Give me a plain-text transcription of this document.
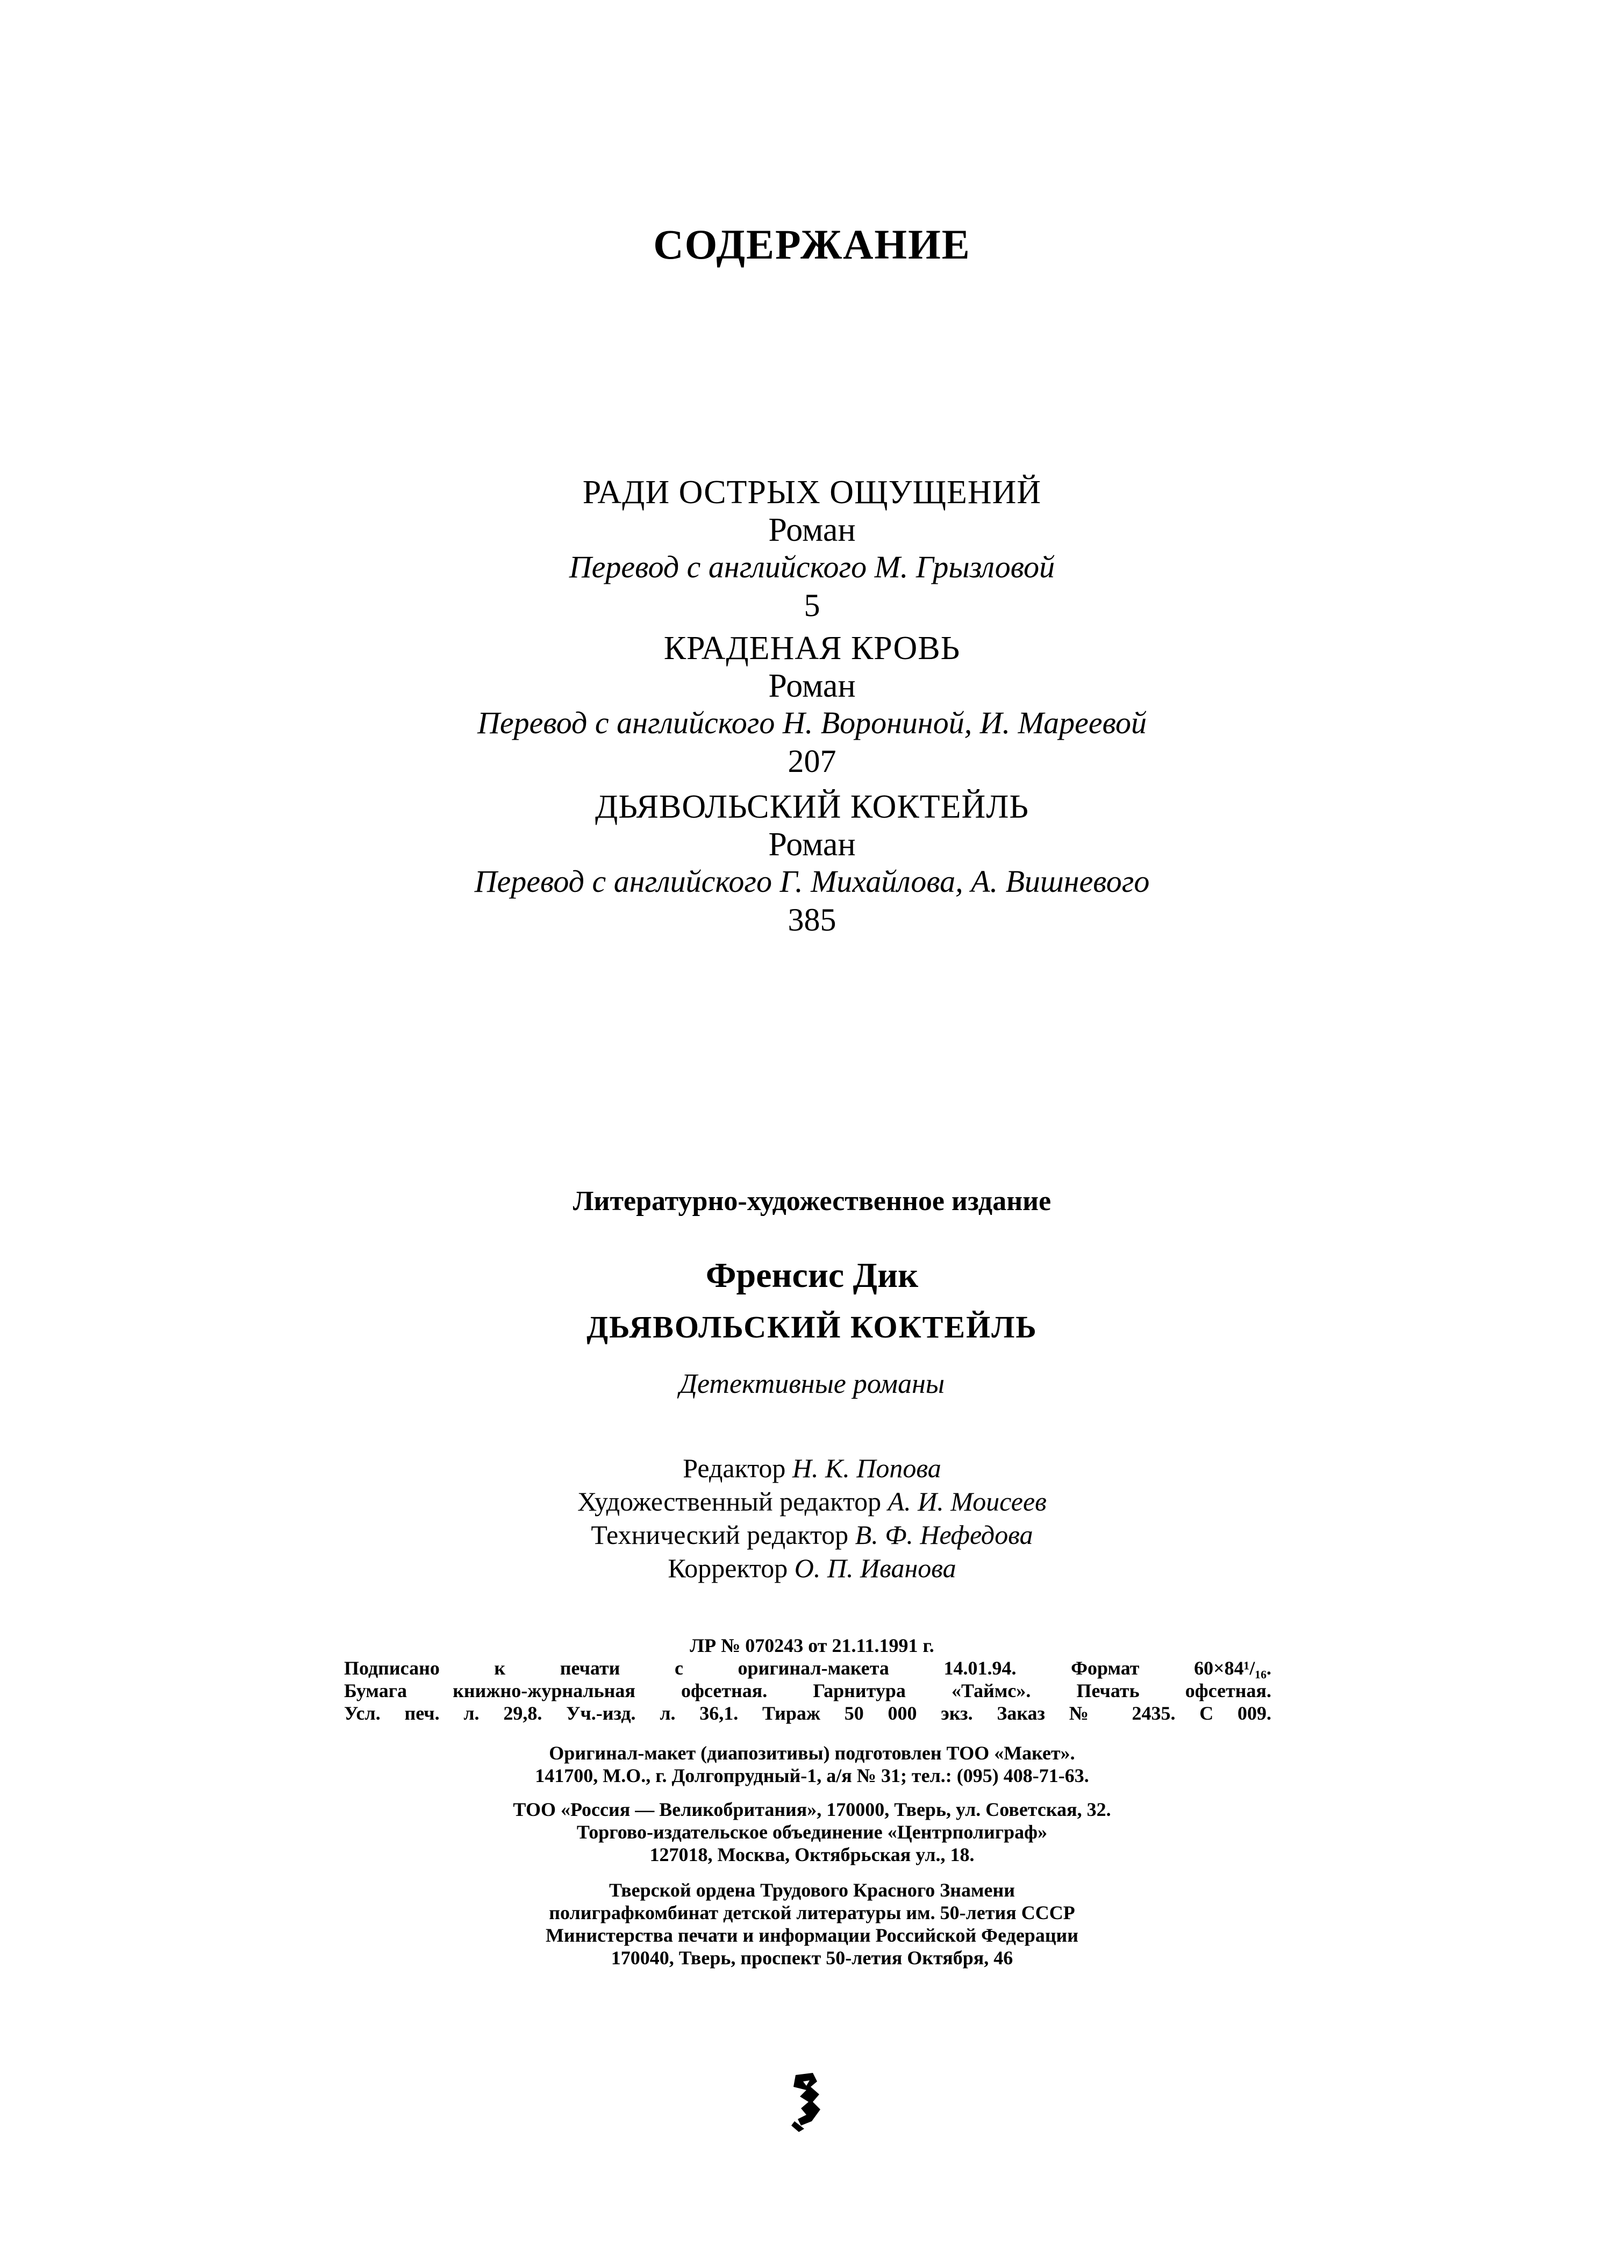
СОДЕРЖАНИЕ
РАДИ ОСТРЫХ ОЩУЩЕНИЙ
Роман
Перевод с английского М. Грызловой
5
КРАДЕНАЯ КРОВЬ
Роман
Перевод с английского Н. Ворониной, И. Мареевой
207
ДЬЯВОЛЬСКИЙ КОКТЕЙЛЬ
Роман
Перевод с английского Г. Михайлова, А. Вишневого
385
Литературно-художественное издание
Френсис Дик
ДЬЯВОЛЬСКИЙ КОКТЕЙЛЬ
Детективные романы
Редактор Н. К. Попова
Художественный редактор А. И. Моисеев
Технический редактор В. Ф. Нефедова
Корректор О. П. Иванова
ЛР № 070243 от 21.11.1991 г.
Подписано к печати с оригинал-макета 14.01.94. Формат 60×84¹/₁₆.
Бумага книжно-журнальная офсетная. Гарнитура «Таймс». Печать офсетная.
Усл. печ. л. 29,8. Уч.-изд. л. 36,1. Тираж 50 000 экз. Заказ № 2435. С 009.
Оригинал-макет (диапозитивы) подготовлен ТОО «Макет».
141700, М.О., г. Долгопрудный-1, а/я № 31; тел.: (095) 408-71-63.
ТОО «Россия — Великобритания», 170000, Тверь, ул. Советская, 32.
Торгово-издательское объединение «Центрполиграф»
127018, Москва, Октябрьская ул., 18.
Тверской ордена Трудового Красного Знамени
полиграфкомбинат детской литературы им. 50-летия СССР
Министерства печати и информации Российской Федерации
170040, Тверь, проспект 50-летия Октября, 46
